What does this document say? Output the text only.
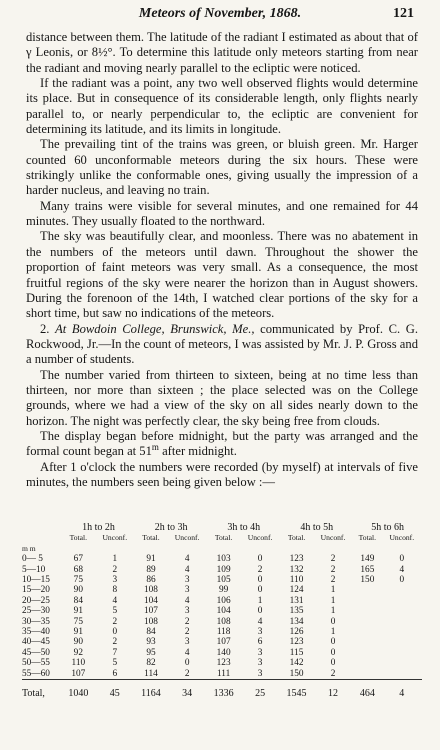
Meteors of November, 1868.	121

distance between them. The latitude of the radiant I estimated as about that of γ Leonis, or 8½°. To determine this latitude only meteors starting from near the radiant and moving nearly parallel to the ecliptic were noticed.

If the radiant was a point, any two well observed flights would determine its place. But in consequence of its considerable length, only flights nearly parallel to, or nearly perpendicular to, the ecliptic are convenient for determining its latitude, and its limits in longitude.

The prevailing tint of the trains was green, or bluish green. Mr. Harger counted 60 unconformable meteors during the six hours. These were strikingly unlike the conformable ones, giving usually the impression of a harder nucleus, and leaving no train.

Many trains were visible for several minutes, and one remained for 44 minutes. They usually floated to the northward.

The sky was beautifully clear, and moonless. There was no abatement in the numbers of the meteors until dawn. Throughout the shower the proportion of faint meteors was very small. As a consequence, the most fruitful regions of the sky were nearer the horizon than in August showers. During the forenoon of the 14th, I watched clear portions of the sky for a short time, but saw no indications of the meteors.

2. At Bowdoin College, Brunswick, Me., communicated by Prof. C. G. Rockwood, Jr.—In the count of meteors, I was assisted by Mr. J. P. Gross and a number of students.

The number varied from thirteen to sixteen, being at no time less than thirteen, nor more than sixteen ; the place selected was on the College grounds, where we had a view of the sky on all sides nearly down to the horizon. The night was perfectly clear, the sky being free from clouds.

The display began before midnight, but the party was arranged and the formal count began at 51$^m$ after midnight.

After 1 o'clock the numbers were recorded (by myself) at intervals of five minutes, the numbers seen being given below :—

	1h to 2h		2h to 3h		3h to 4h		4h to 5h		5h to 6h	
	Total.	Unconf.	Total.	Unconf.	Total.	Unconf.	Total.	Unconf.	Total.	Unconf.
m m										
0— 5	67	1	91	4	103	0	123	2	149	0
5—10	68	2	89	4	109	2	132	2	165	4
10—15	75	3	86	3	105	0	110	2	150	0
15—20	90	8	108	3	99	0	124	1		
20—25	84	4	104	4	106	1	131	1		
25—30	91	5	107	3	104	0	135	1		
30—35	75	2	108	2	108	4	134	0		
35—40	91	0	84	2	118	3	126	1		
40—45	90	2	93	3	107	6	123	0		
45—50	92	7	95	4	140	3	115	0		
50—55	110	5	82	0	123	3	142	0		
55—60	107	6	114	2	111	3	150	2		

Total,	1040	45	1164	34	1336	25	1545	12	464	4
